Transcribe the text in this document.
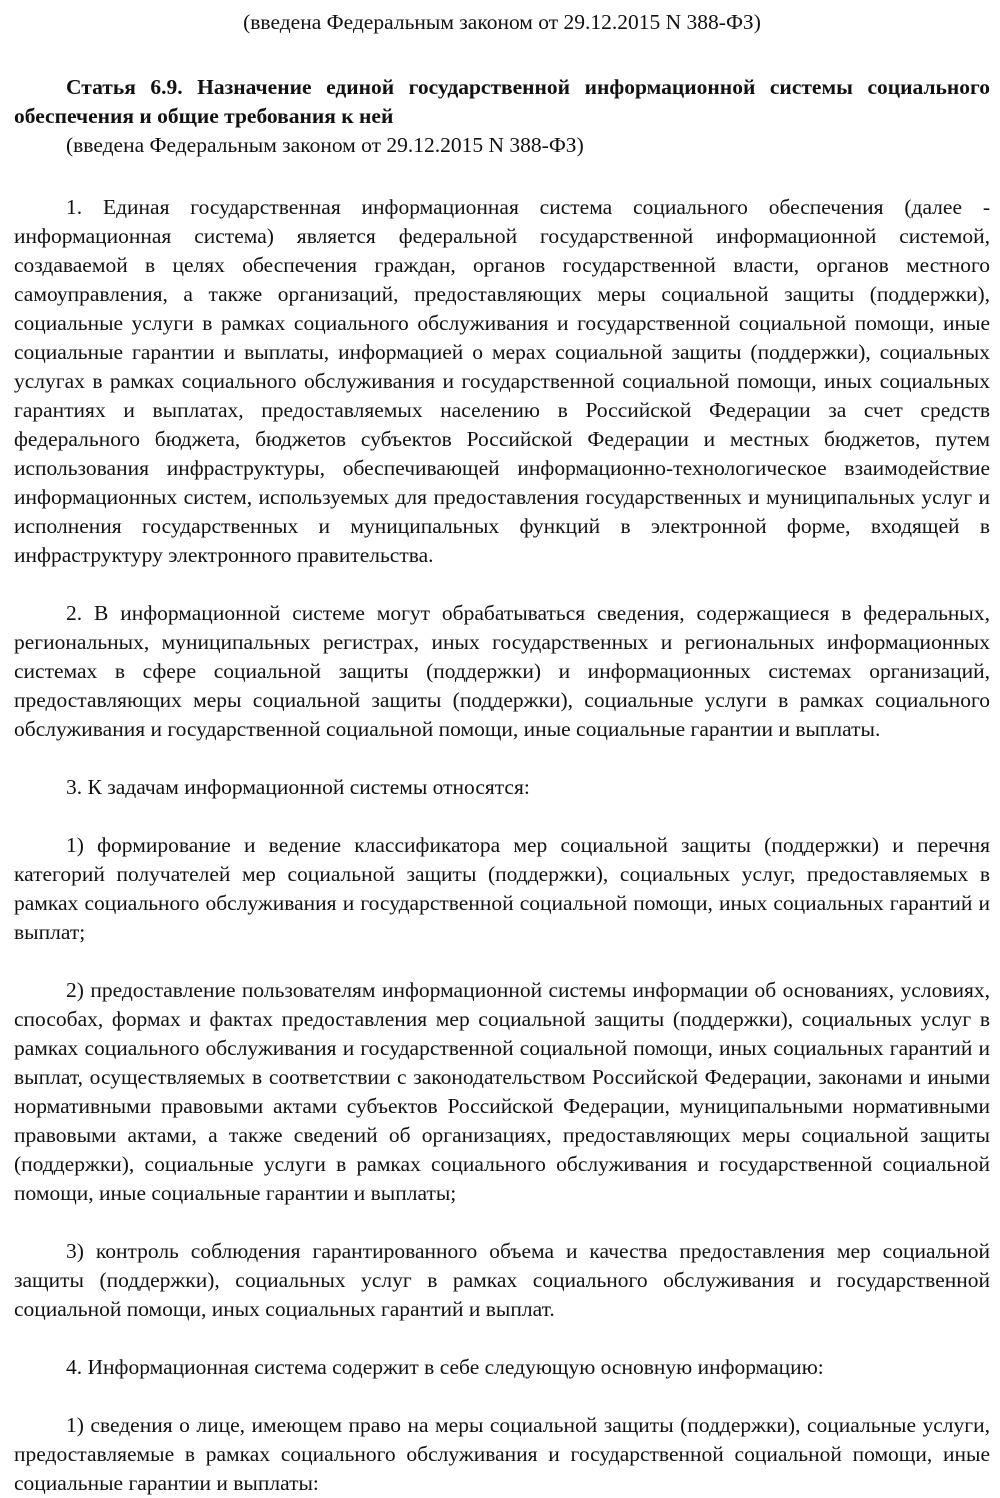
(введена Федеральным законом от 29.12.2015 N 388-ФЗ)

Статья 6.9. Назначение единой государственной информационной системы социального обеспечения и общие требования к ней

(введена Федеральным законом от 29.12.2015 N 388-ФЗ)

1. Единая государственная информационная система социального обеспечения (далее - информационная система) является федеральной государственной информационной системой, создаваемой в целях обеспечения граждан, органов государственной власти, органов местного самоуправления, а также организаций, предоставляющих меры социальной защиты (поддержки), социальные услуги в рамках социального обслуживания и государственной социальной помощи, иные социальные гарантии и выплаты, информацией о мерах социальной защиты (поддержки), социальных услугах в рамках социального обслуживания и государственной социальной помощи, иных социальных гарантиях и выплатах, предоставляемых населению в Российской Федерации за счет средств федерального бюджета, бюджетов субъектов Российской Федерации и местных бюджетов, путем использования инфраструктуры, обеспечивающей информационно-технологическое взаимодействие информационных систем, используемых для предоставления государственных и муниципальных услуг и исполнения государственных и муниципальных функций в электронной форме, входящей в инфраструктуру электронного правительства.

2. В информационной системе могут обрабатываться сведения, содержащиеся в федеральных, региональных, муниципальных регистрах, иных государственных и региональных информационных системах в сфере социальной защиты (поддержки) и информационных системах организаций, предоставляющих меры социальной защиты (поддержки), социальные услуги в рамках социального обслуживания и государственной социальной помощи, иные социальные гарантии и выплаты.

3. К задачам информационной системы относятся:

1) формирование и ведение классификатора мер социальной защиты (поддержки) и перечня категорий получателей мер социальной защиты (поддержки), социальных услуг, предоставляемых в рамках социального обслуживания и государственной социальной помощи, иных социальных гарантий и выплат;

2) предоставление пользователям информационной системы информации об основаниях, условиях, способах, формах и фактах предоставления мер социальной защиты (поддержки), социальных услуг в рамках социального обслуживания и государственной социальной помощи, иных социальных гарантий и выплат, осуществляемых в соответствии с законодательством Российской Федерации, законами и иными нормативными правовыми актами субъектов Российской Федерации, муниципальными нормативными правовыми актами, а также сведений об организациях, предоставляющих меры социальной защиты (поддержки), социальные услуги в рамках социального обслуживания и государственной социальной помощи, иные социальные гарантии и выплаты;

3) контроль соблюдения гарантированного объема и качества предоставления мер социальной защиты (поддержки), социальных услуг в рамках социального обслуживания и государственной социальной помощи, иных социальных гарантий и выплат.

4. Информационная система содержит в себе следующую основную информацию:

1) сведения о лице, имеющем право на меры социальной защиты (поддержки), социальные услуги, предоставляемые в рамках социального обслуживания и государственной социальной помощи, иные социальные гарантии и выплаты:
